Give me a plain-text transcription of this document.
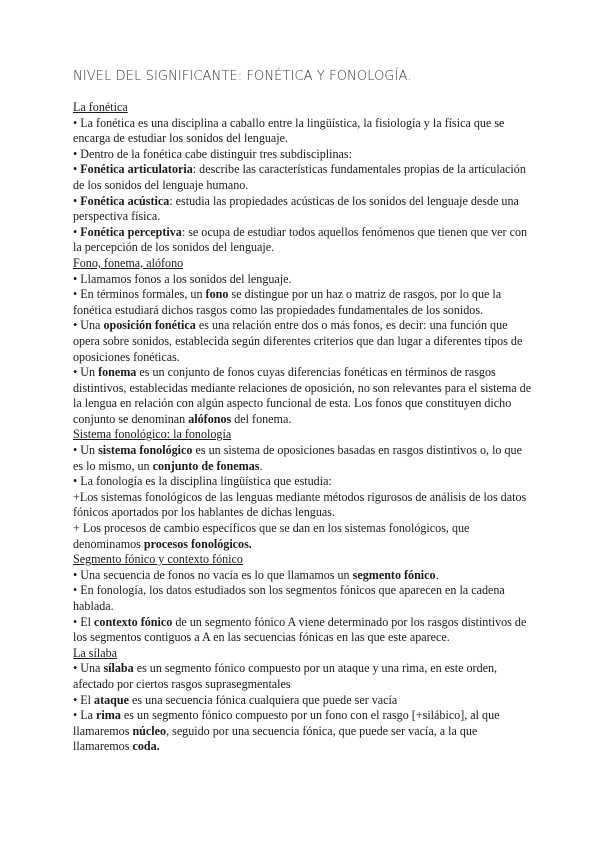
NIVEL DEL SIGNIFICANTE: FONÉTICA Y FONOLOGÍA.

La fonética

• La fonética es una disciplina a caballo entre la lingüística, la fisiología y la física que se encarga de estudiar los sonidos del lenguaje.

• Dentro de la fonética cabe distinguir tres subdisciplinas:

• Fonética articulatoria: describe las características fundamentales propias de la articulación de los sonidos del lenguaje humano.

• Fonética acústica: estudia las propiedades acústicas de los sonidos del lenguaje desde una perspectiva física.

• Fonética perceptiva: se ocupa de estudiar todos aquellos fenómenos que tienen que ver con la percepción de los sonidos del lenguaje.

Fono, fonema, alófono

• Llamamos fonos a los sonidos del lenguaje.

• En términos formales, un fono se distingue por un haz o matriz de rasgos, por lo que la fonética estudiará dichos rasgos como las propiedades fundamentales de los sonidos.

• Una oposición fonética es una relación entre dos o más fonos, es decir: una función que opera sobre sonidos, establecida según diferentes criterios que dan lugar a diferentes tipos de oposiciones fonéticas.

• Un fonema es un conjunto de fonos cuyas diferencias fonéticas en términos de rasgos distintivos, establecidas mediante relaciones de oposición, no son relevantes para el sistema de la lengua en relación con algún aspecto funcional de esta. Los fonos que constituyen dicho conjunto se denominan alófonos del fonema.

Sistema fonológico: la fonología

• Un sistema fonológico es un sistema de oposiciones basadas en rasgos distintivos o, lo que es lo mismo, un conjunto de fonemas.

• La fonología es la disciplina lingüística que estudia:

+Los sistemas fonológicos de las lenguas mediante métodos rigurosos de análisis de los datos fónicos aportados por los hablantes de dichas lenguas.

+ Los procesos de cambio específicos que se dan en los sistemas fonológicos, que denominamos procesos fonológicos.

Segmento fónico y contexto fónico

• Una secuencia de fonos no vacía es lo que llamamos un segmento fónico.

• En fonología, los datos estudiados son los segmentos fónicos que aparecen en la cadena hablada.

• El contexto fónico de un segmento fónico A viene determinado por los rasgos distintivos de los segmentos contiguos a A en las secuencias fónicas en las que este aparece.

La sílaba

• Una sílaba es un segmento fónico compuesto por un ataque y una rima, en este orden, afectado por ciertos rasgos suprasegmentales

• El ataque es una secuencia fónica cualquiera que puede ser vacía

• La rima es un segmento fónico compuesto por un fono con el rasgo [+silábico], al que llamaremos núcleo, seguido por una secuencia fónica, que puede ser vacía, a la que llamaremos coda.
